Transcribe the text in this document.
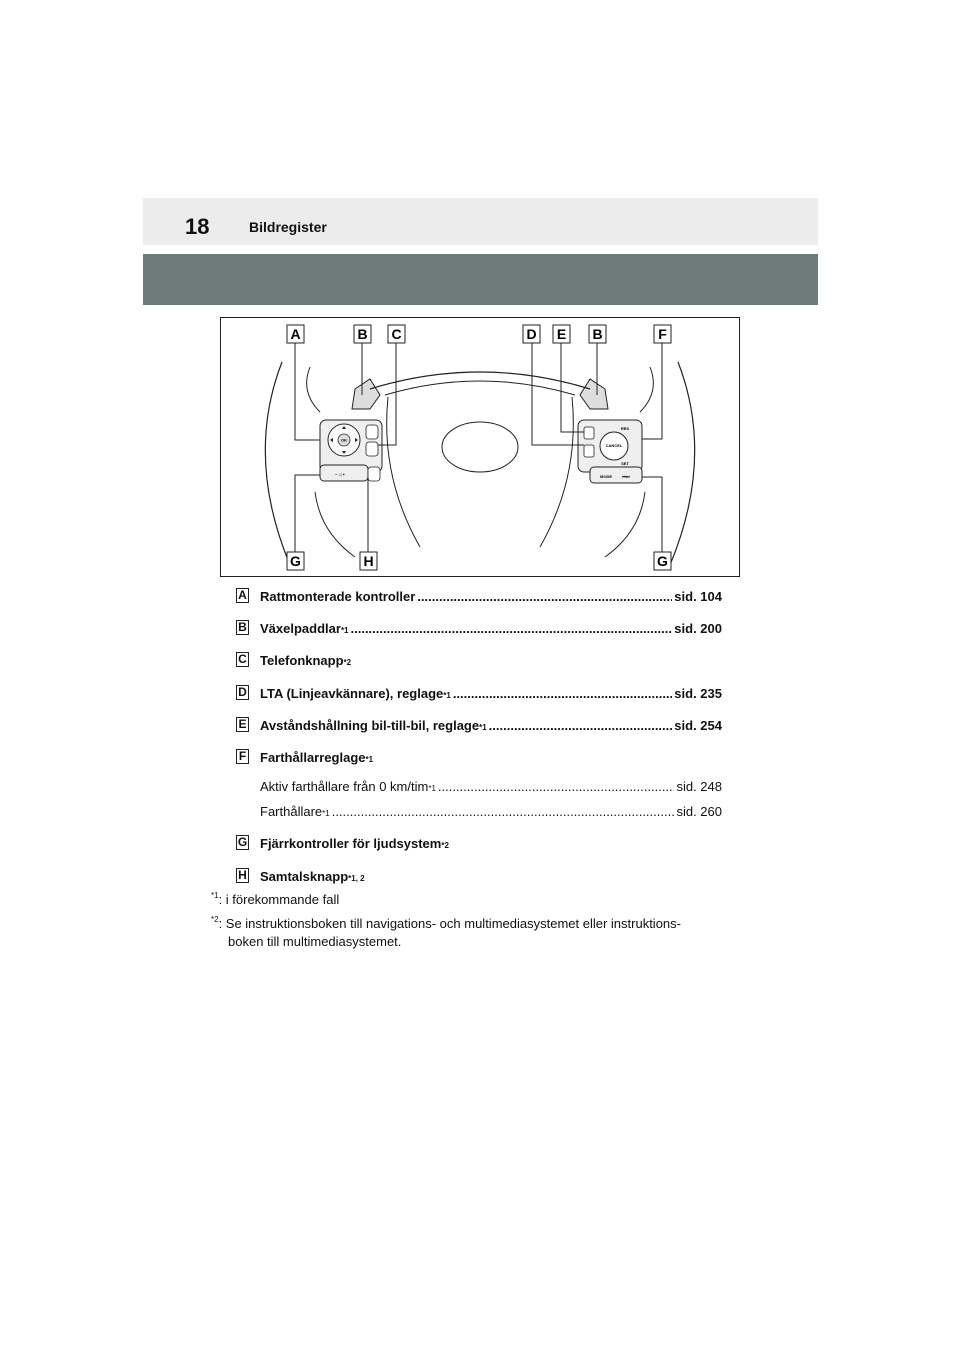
18	Bildregister
OK
− ◁ +
CANCEL
RES
SET
MODE	⏮⏭
A	B C	D E B	F
G	H	G
A Rattmonterade kontroller .....	sid. 104
B Växelpaddlar *1 .....	sid. 200
C Telefonknapp *2
D LTA (Linjeavkännare), reglage *1 .....	sid. 235
E Avståndshållning bil-till-bil, reglage *1 .....	sid. 254
F Farthållarreglage *1
Aktiv farthållare från 0 km/tim *1 .....	sid. 248
Farthållare *1 .....	sid. 260
G Fjärrkontroller för ljudsystem *2
H Samtalsknapp *1, 2
$^{*1}$: i förekommande fall
$^{*2}$: Se instruktionsboken till navigations- och multimediasystemet eller instruktions-
boken till multimediasystemet.
